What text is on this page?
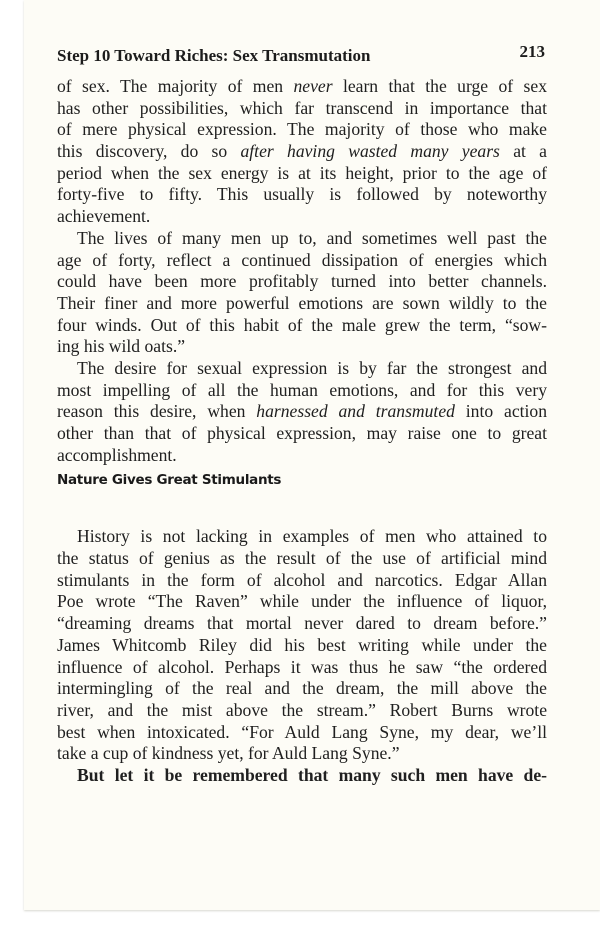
Step 10 Toward Riches: Sex Transmutation	213
of sex. The majority of men never learn that the urge of sex
has other possibilities, which far transcend in importance that
of mere physical expression. The majority of those who make
this discovery, do so after having wasted many years at a
period when the sex energy is at its height, prior to the age of
forty-five to fifty. This usually is followed by noteworthy
achievement.
The lives of many men up to, and sometimes well past the
age of forty, reflect a continued dissipation of energies which
could have been more profitably turned into better channels.
Their finer and more powerful emotions are sown wildly to the
four winds. Out of this habit of the male grew the term, “sow-
ing his wild oats.”
The desire for sexual expression is by far the strongest and
most impelling of all the human emotions, and for this very
reason this desire, when harnessed and transmuted into action
other than that of physical expression, may raise one to great
accomplishment.
Nature Gives Great Stimulants
History is not lacking in examples of men who attained to
the status of genius as the result of the use of artificial mind
stimulants in the form of alcohol and narcotics. Edgar Allan
Poe wrote “The Raven” while under the influence of liquor,
“dreaming dreams that mortal never dared to dream before.”
James Whitcomb Riley did his best writing while under the
influence of alcohol. Perhaps it was thus he saw “the ordered
intermingling of the real and the dream, the mill above the
river, and the mist above the stream.” Robert Burns wrote
best when intoxicated. “For Auld Lang Syne, my dear, we’ll
take a cup of kindness yet, for Auld Lang Syne.”
But let it be remembered that many such men have de-
